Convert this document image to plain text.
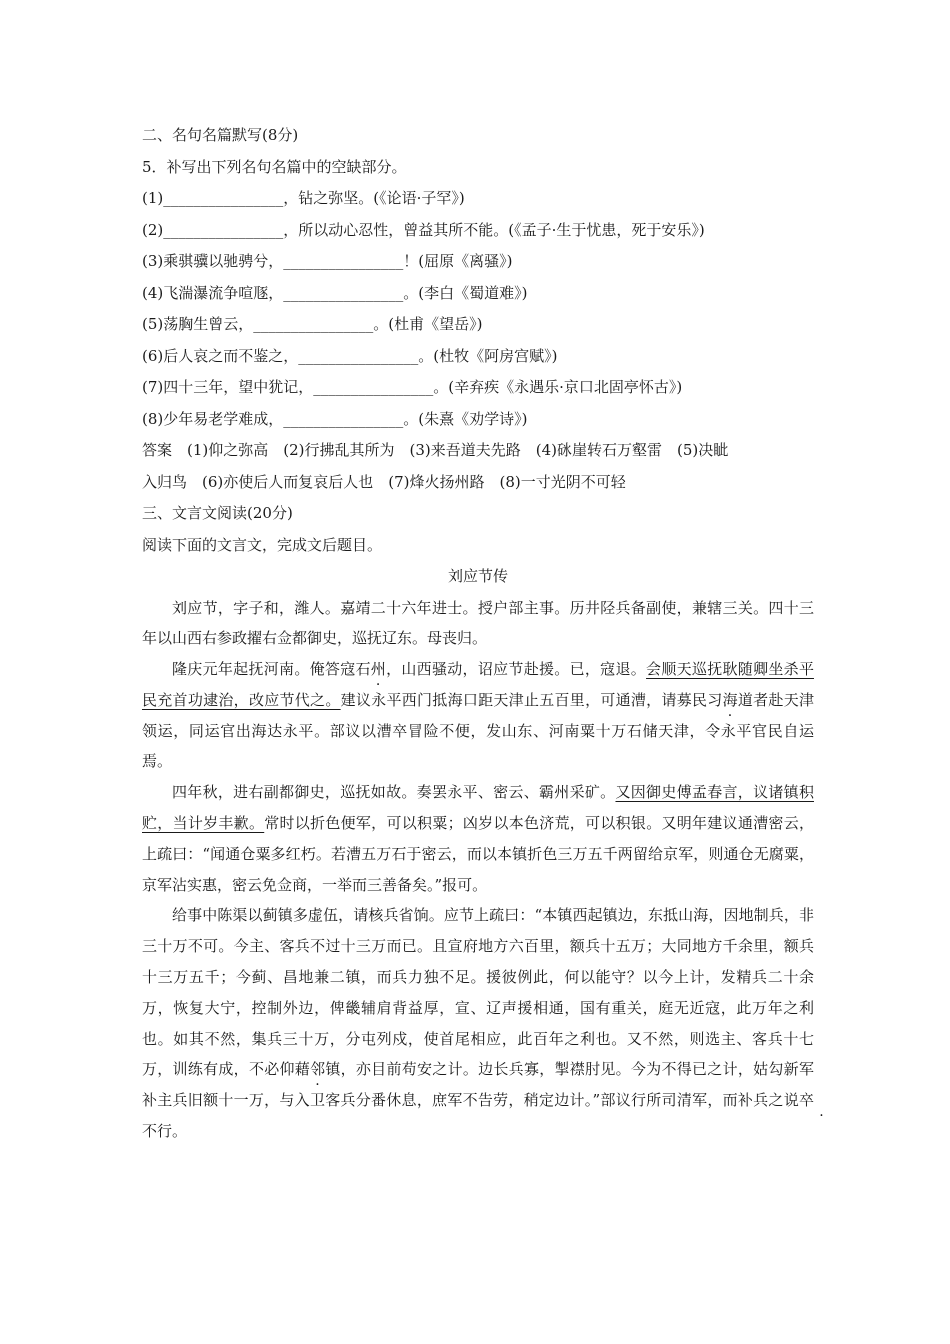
二、名句名篇默写(8分)
5．补写出下列名句名篇中的空缺部分。
(1)________________，钻之弥坚。(《论语·子罕》)
(2)________________，所以动心忍性，曾益其所不能。(《孟子·生于忧患，死于安乐》)
(3)乘骐骥以驰骋兮，________________！(屈原《离骚》)
(4)飞湍瀑流争喧豗，________________。(李白《蜀道难》)
(5)荡胸生曾云，________________。(杜甫《望岳》)
(6)后人哀之而不鉴之，________________。(杜牧《阿房宫赋》)
(7)四十三年，望中犹记，________________。(辛弃疾《永遇乐·京口北固亭怀古》)
(8)少年易老学难成，________________。(朱熹《劝学诗》)
答案　(1)仰之弥高　(2)行拂乱其所为　(3)来吾道夫先路　(4)砯崖转石万壑雷　(5)决眦
入归鸟　(6)亦使后人而复哀后人也　(7)烽火扬州路　(8)一寸光阴不可轻
三、文言文阅读(20分)
阅读下面的文言文，完成文后题目。
刘应节传
刘应节，字子和，潍人。嘉靖二十六年进士。授户部主事。历井陉兵备副使，兼辖三关。四十三年以山西右参政擢右佥都御史，巡抚辽东。母丧归。
隆庆元年起抚河南。俺答寇石州，山西骚动，诏应节赴援。已，寇退。会顺天巡抚耿随卿坐杀平民充首功逮治，改应节代之。建议永平西门抵海口距天津止五百里，可通漕，请募民习海道者赴天津领运，同运官出海达永平。部议以漕卒冒险不便，发山东、河南粟十万石储天津，令永平官民自运焉。
四年秋，进右副都御史，巡抚如故。奏罢永平、密云、霸州采矿。又因御史傅孟春言，议诸镇积贮，当计岁丰歉。常时以折色便军，可以积粟；凶岁以本色济荒，可以积银。又明年建议通漕密云，上疏曰：“闻通仓粟多红朽。若漕五万石于密云，而以本镇折色三万五千两留给京军，则通仓无腐粟，京军沾实惠，密云免佥商，一举而三善备矣。”报可。
给事中陈渠以蓟镇多虚伍，请核兵省饷。应节上疏曰：“本镇西起镇边，东抵山海，因地制兵，非三十万不可。今主、客兵不过十三万而已。且宣府地方六百里，额兵十五万；大同地方千余里，额兵十三万五千；今蓟、昌地兼二镇，而兵力独不足。援彼例此，何以能守？以今上计，发精兵二十余万，恢复大宁，控制外边，俾畿辅肩背益厚，宣、辽声援相通，国有重关，庭无近寇，此万年之利也。如其不然，集兵三十万，分屯列戍，使首尾相应，此百年之利也。又不然，则选主、客兵十七万，训练有成，不必仰藉邻镇，亦目前苟安之计。边长兵寡，掣襟肘见。今为不得已之计，姑勾新军补主兵旧额十一万，与入卫客兵分番休息，庶军不告劳，稍定边计。”部议行所司清军，而补兵之说卒不行。
